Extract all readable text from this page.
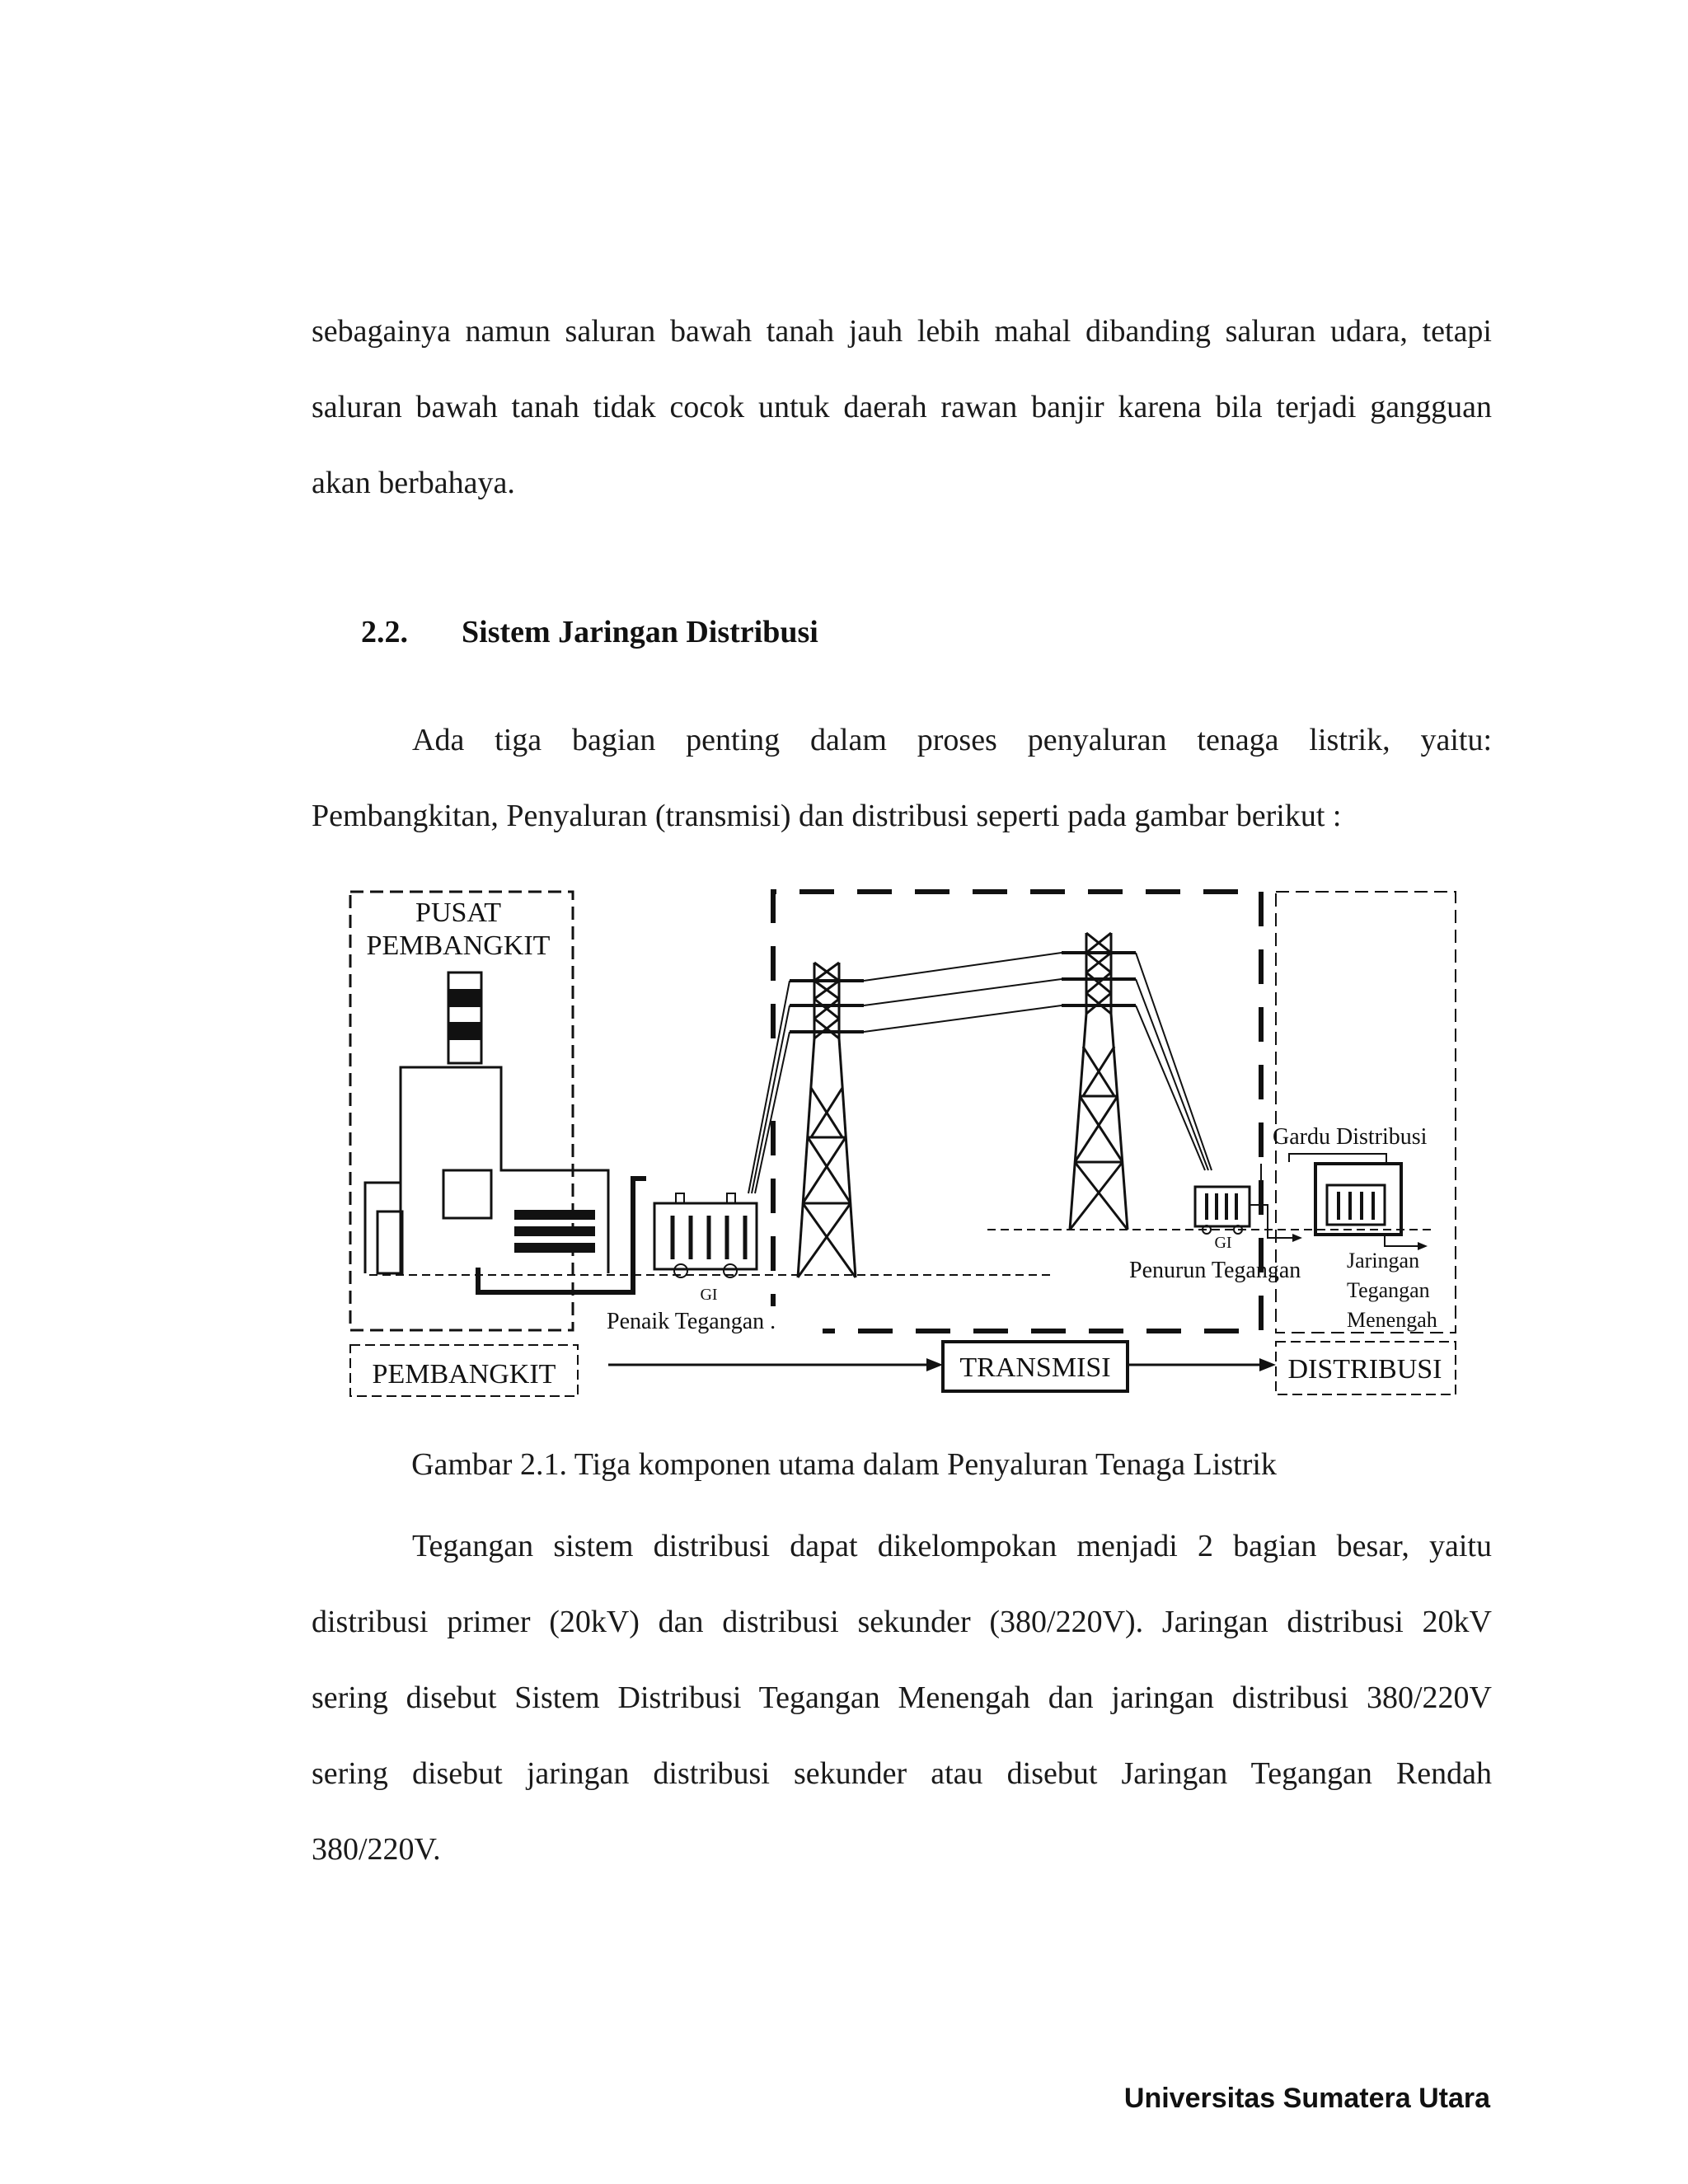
sebagainya namun saluran bawah tanah jauh lebih mahal dibanding saluran udara, tetapi
saluran bawah tanah tidak cocok untuk daerah rawan banjir karena bila terjadi gangguan
akan berbahaya.
2.2. Sistem Jaringan Distribusi
Ada tiga bagian penting dalam proses penyaluran tenaga listrik, yaitu:
Pembangkitan, Penyaluran (transmisi) dan distribusi seperti pada gambar berikut :
PUSAT
PEMBANGKIT
GI
Penaik Tegangan .
GI
Penurun Tegangan
Gardu Distribusi
Jaringan
Tegangan
Menengah
PEMBANGKIT	TRANSMISI	DISTRIBUSI
Gambar 2.1. Tiga komponen utama dalam Penyaluran Tenaga Listrik
Tegangan sistem distribusi dapat dikelompokan menjadi 2 bagian besar, yaitu
distribusi primer (20kV) dan distribusi sekunder (380/220V). Jaringan distribusi 20kV
sering disebut Sistem Distribusi Tegangan Menengah dan jaringan distribusi 380/220V
sering disebut jaringan distribusi sekunder atau disebut Jaringan Tegangan Rendah
380/220V.
Universitas Sumatera Utara
